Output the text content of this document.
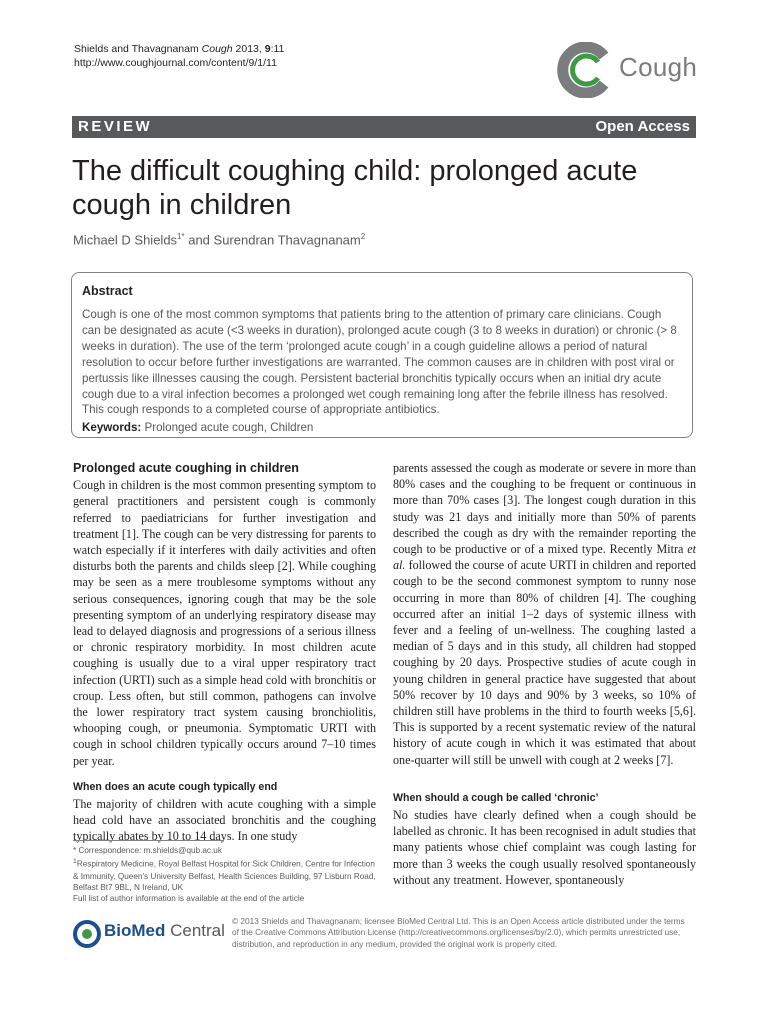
Shields and Thavagnanam Cough 2013, 9:11
http://www.coughjournal.com/content/9/1/11	Cough
REVIEW	Open Access
The difficult coughing child: prolonged acute cough in children
Michael D Shields$^{1*}$ and Surendran Thavagnanam$^2$
Abstract
Cough is one of the most common symptoms that patients bring to the attention of primary care clinicians. Cough can be designated as acute (<3 weeks in duration), prolonged acute cough (3 to 8 weeks in duration) or chronic (> 8 weeks in duration). The use of the term ‘prolonged acute cough’ in a cough guideline allows a period of natural resolution to occur before further investigations are warranted. The common causes are in children with post viral or pertussis like illnesses causing the cough. Persistent bacterial bronchitis typically occurs when an initial dry acute cough due to a viral infection becomes a prolonged wet cough remaining long after the febrile illness has resolved. This cough responds to a completed course of appropriate antibiotics.
Keywords: Prolonged acute cough, Children
Prolonged acute coughing in children

Cough in children is the most common presenting symptom to general practitioners and persistent cough is commonly referred to paediatricians for further investigation and treatment [1]. The cough can be very distressing for parents to watch especially if it interferes with daily activities and often disturbs both the parents and childs sleep [2]. While coughing may be seen as a mere troublesome symptoms without any serious consequences, ignoring cough that may be the sole presenting symptom of an underlying respiratory disease may lead to delayed diagnosis and progressions of a serious illness or chronic respiratory morbidity. In most children acute coughing is usually due to a viral upper respiratory tract infection (URTI) such as a simple head cold with bronchitis or croup. Less often, but still common, pathogens can involve the lower respiratory tract system causing bronchiolitis, whooping cough, or pneumonia. Symptomatic URTI with cough in school children typically occurs around 7–10 times per year.

When does an acute cough typically end

The majority of children with acute coughing with a simple head cold have an associated bronchitis and the coughing typically abates by 10 to 14 days. In one study

parents assessed the cough as moderate or severe in more than 80% cases and the coughing to be frequent or continuous in more than 70% cases [3]. The longest cough duration in this study was 21 days and initially more than 50% of parents described the cough as dry with the remainder reporting the cough to be productive or of a mixed type. Recently Mitra et al. followed the course of acute URTI in children and reported cough to be the second commonest symptom to runny nose occurring in more than 80% of children [4]. The coughing occurred after an initial 1–2 days of systemic illness with fever and a feeling of un-wellness. The coughing lasted a median of 5 days and in this study, all children had stopped coughing by 20 days. Prospective studies of acute cough in young children in general practice have suggested that about 50% recover by 10 days and 90% by 3 weeks, so 10% of children still have problems in the third to fourth weeks [5,6]. This is supported by a recent systematic review of the natural history of acute cough in which it was estimated that about one-quarter will still be unwell with cough at 2 weeks [7].

When should a cough be called ‘chronic’

No studies have clearly defined when a cough should be labelled as chronic. It has been recognised in adult studies that many patients whose chief complaint was cough lasting for more than 3 weeks the cough usually resolved spontaneously without any treatment. However, spontaneously

* Correspondence: m.shields@qub.ac.uk

$^1$Respiratory Medicine, Royal Belfast Hospital for Sick Children, Centre for Infection & Immunity, Queen's University Belfast, Health Sciences Building, 97 Lisburn Road, Belfast Bt7 9BL, N Ireland, UK

Full list of author information is available at the end of the article

BioMed Central © 2013 Shields and Thavagnanam; licensee BioMed Central Ltd. This is an Open Access article distributed under the terms of the Creative Commons Attribution License (http://creativecommons.org/licenses/by/2.0), which permits unrestricted use, distribution, and reproduction in any medium, provided the original work is properly cited.
